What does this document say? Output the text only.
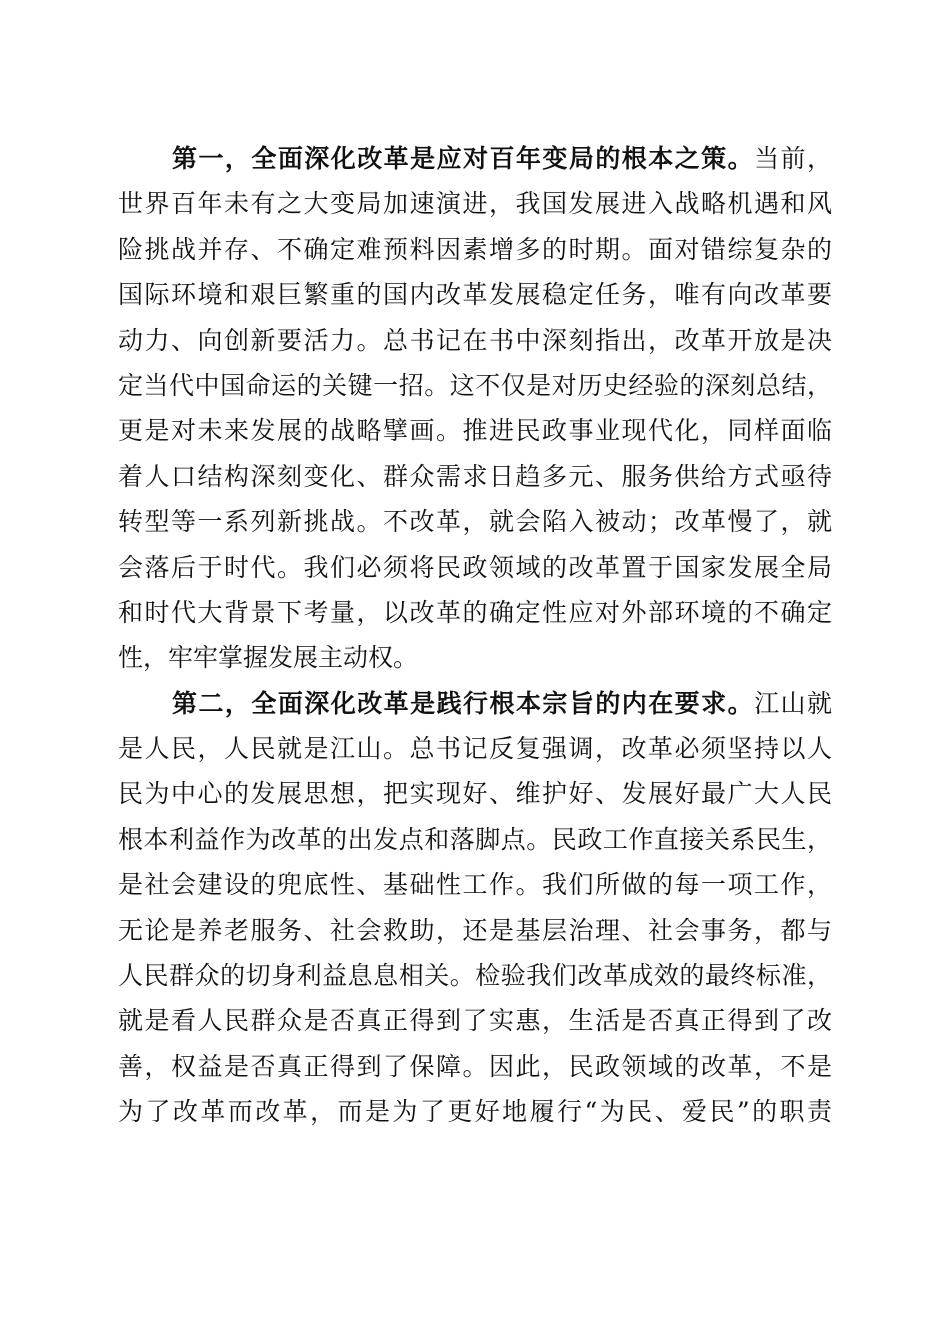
第一，全面深化改革是应对百年变局的根本之策。当前，
世界百年未有之大变局加速演进，我国发展进入战略机遇和风
险挑战并存、不确定难预料因素增多的时期。面对错综复杂的
国际环境和艰巨繁重的国内改革发展稳定任务，唯有向改革要
动力、向创新要活力。总书记在书中深刻指出，改革开放是决
定当代中国命运的关键一招。这不仅是对历史经验的深刻总结，
更是对未来发展的战略擘画。推进民政事业现代化，同样面临
着人口结构深刻变化、群众需求日趋多元、服务供给方式亟待
转型等一系列新挑战。不改革，就会陷入被动；改革慢了，就
会落后于时代。我们必须将民政领域的改革置于国家发展全局
和时代大背景下考量，以改革的确定性应对外部环境的不确定
性，牢牢掌握发展主动权。
第二，全面深化改革是践行根本宗旨的内在要求。江山就
是人民，人民就是江山。总书记反复强调，改革必须坚持以人
民为中心的发展思想，把实现好、维护好、发展好最广大人民
根本利益作为改革的出发点和落脚点。民政工作直接关系民生，
是社会建设的兜底性、基础性工作。我们所做的每一项工作，
无论是养老服务、社会救助，还是基层治理、社会事务，都与
人民群众的切身利益息息相关。检验我们改革成效的最终标准，
就是看人民群众是否真正得到了实惠，生活是否真正得到了改
善，权益是否真正得到了保障。因此，民政领域的改革，不是
为了改革而改革，而是为了更好地履行“为民、爱民”的职责
